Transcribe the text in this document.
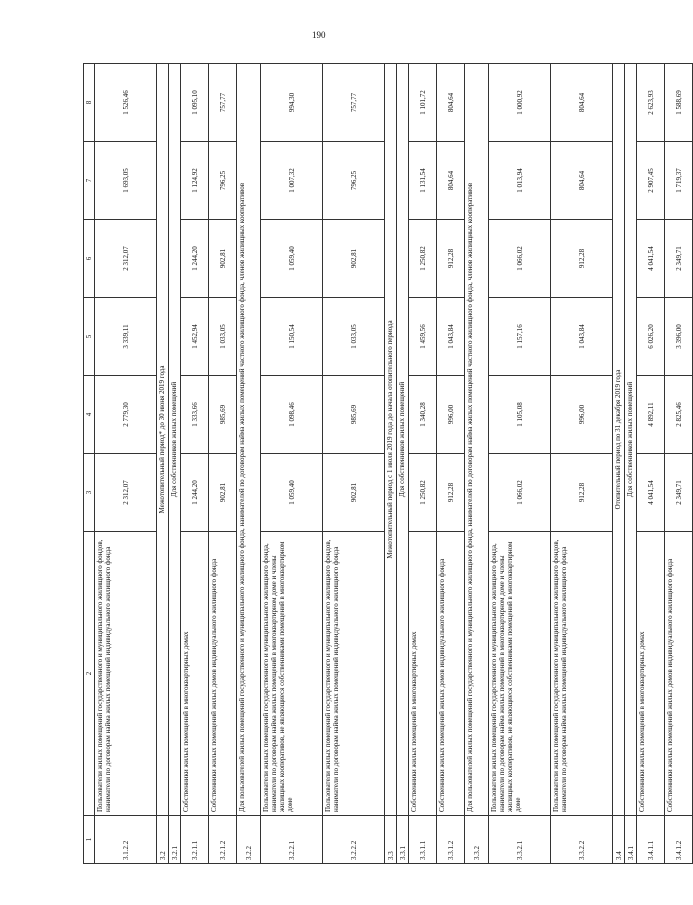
190
1	2	3	4	5	6	7	8
3.1.2.2	Пользователи жилых помещений государственного и муниципального жилищного фондов, наниматели по договорам найма жилых помещений индивидуального жилищного фонда	2 312,07	2 779,30	3 339,11	2 312,07	1 693,05	1 526,46
3.2	Межотопительный период* до 30 июня 2019 года						
3.2.1	Для собственников жилых помещений						
3.2.1.1	Собственники жилых помещений в многоквартирных домах	1 244,20	1 333,66	1 452,94	1 244,20	1 124,92	1 095,10
3.2.1.2	Собственники жилых помещений жилых домов индивидуального жилищного фонда	902,81	985,69	1 033,05	902,81	796,25	757,77
3.2.2	Для пользователей жилых помещений государственного и муниципального жилищного фонда, нанимателей по договорам найма жилых помещений частного жилищного фонда, членов жилищных кооперативов						
3.2.2.1	Пользователи жилых помещений государственного и муниципального жилищного фонда, наниматели по договорам найма жилых помещений в многоквартирном доме и члены жилищных кооперативов, не являющиеся собственниками помещений в многоквартирном доме	1 059,40	1 098,46	1 150,54	1 059,40	1 007,32	994,30
3.2.2.2	Пользователи жилых помещений государственного и муниципального жилищного фондов, наниматели по договорам найма жилых помещений индивидуального жилищного фонда	902,81	985,69	1 033,05	902,81	796,25	757,77
3.3	Межотопительный период с 1 июля 2019 года до начала отопительного периода						
3.3.1	Для собственников жилых помещений						
3.3.1.1	Собственники жилых помещений в многоквартирных домах	1 250,82	1 340,28	1 459,56	1 250,82	1 131,54	1 101,72
3.3.1.2	Собственники жилых помещений жилых домов индивидуального жилищного фонда	912,28	996,00	1 043,84	912,28	804,64	804,64
3.3.2	Для пользователей жилых помещений государственного и муниципального жилищного фонда, нанимателей по договорам найма жилых помещений частного жилищного фонда, членов жилищных кооперативов						
3.3.2.1	Пользователи жилых помещений государственного и муниципального жилищного фонда, наниматели по договорам найма жилых помещений в многоквартирном доме и члены жилищных кооперативов, не являющиеся собственниками помещений в многоквартирном доме	1 066,02	1 105,08	1 157,16	1 066,02	1 013,94	1 000,92
3.3.2.2	Пользователи жилых помещений государственного и муниципального жилищного фондов, наниматели по договорам найма жилых помещений индивидуального жилищного фонда	912,28	996,00	1 043,84	912,28	804,64	804,64
3.4	Отопительный период по 31 декабря 2019 года						
3.4.1	Для собственников жилых помещений						
3.4.1.1	Собственники жилых помещений в многоквартирных домах	4 041,54	4 892,11	6 026,20	4 041,54	2 907,45	2 623,93
3.4.1.2	Собственники жилых помещений жилых домов индивидуального жилищного фонда	2 349,71	2 825,46	3 396,00	2 349,71	1 719,37	1 588,69
